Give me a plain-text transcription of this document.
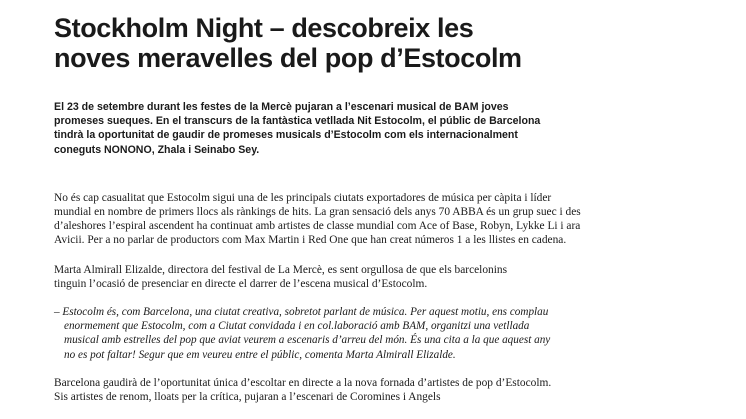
Stockholm Night – descobreix les
noves meravelles del pop d’Estocolm

El 23 de setembre durant les festes de la Mercè pujaran a l’escenari musical de BAM joves promeses sueques. En el transcurs de la fantàstica vetllada Nit Estocolm, el públic de Barcelona tindrà la oportunitat de gaudir de promeses musicals d’Estocolm com els internacionalment coneguts NONONO, Zhala i Seinabo Sey.

No és cap casualitat que Estocolm sigui una de les principals ciutats exportadores de música per càpita i líder mundial en nombre de primers llocs als rànkings de hits. La gran sensació dels anys 70 ABBA és un grup suec i des d’aleshores l’espiral ascendent ha continuat amb artistes de classe mundial com Ace of Base, Robyn, Lykke Li i ara Avicii. Per a no parlar de productors com Max Martin i Red One que han creat números 1 a les llistes en cadena.

Marta Almirall Elizalde, directora del festival de La Mercè, es sent orgullosa de que els barcelonins tinguin l’ocasió de presenciar en directe el darrer de l’escena musical d’Estocolm.

– Estocolm és, com Barcelona, una ciutat creativa, sobretot parlant de música. Per aquest motiu, ens complau enormement que Estocolm, com a Ciutat convidada i en col.laboració amb BAM, organitzi una vetllada musical amb estrelles del pop que aviat veurem a escenaris d’arreu del món. És una cita a la que aquest any no es pot faltar! Segur que em veureu entre el públic, comenta Marta Almirall Elizalde.

Barcelona gaudirà de l’oportunitat única d’escoltar en directe a la nova fornada d’artistes de pop d’Estocolm. Sis artistes de renom, lloats per la crítica, pujaran a l’escenari de Coromines i Angels
